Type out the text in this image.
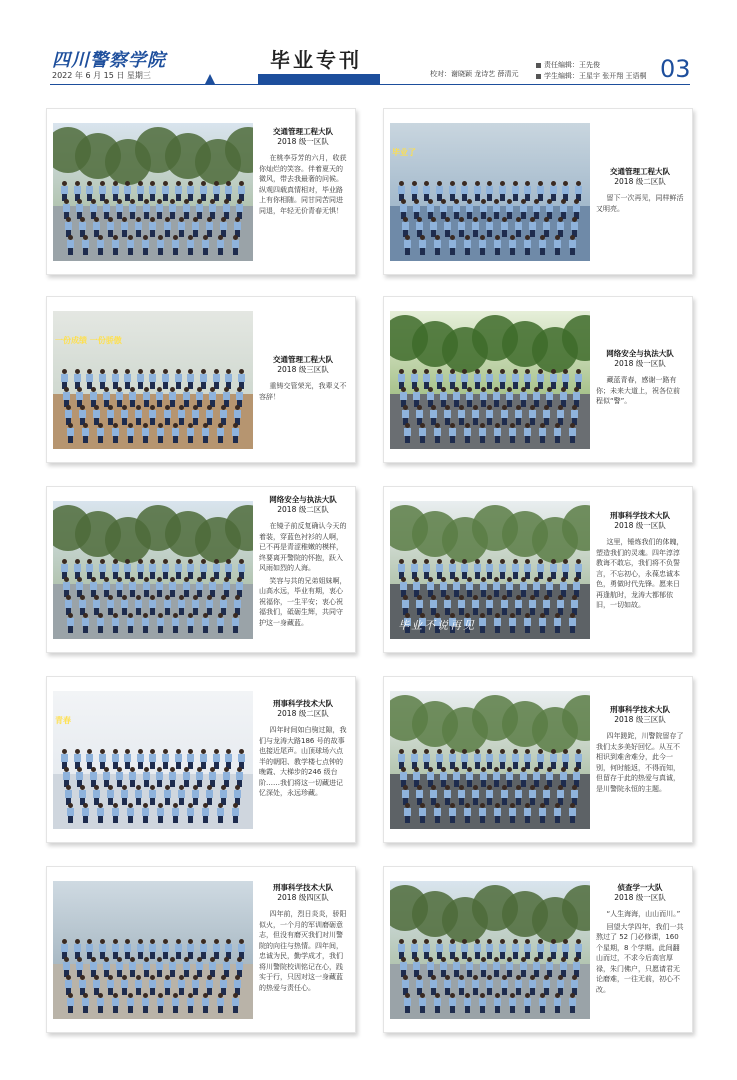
四川警察学院
2022 年 6 月 15 日 星期三
毕业专刊
校对：谢晓颖 龙诗艺 薛清元
责任编辑：王先俊
学生编辑：王星宇 张开翔 王语桐 03
交通管理工程大队
2018 级一区队

在桃李芬芳的六月，收获你灿烂的笑容。伴着夏天的微风，带去我最奢的问候。纵观四载真情相对，毕业路上有你相随。同甘同苦同进同退，年轻无价青春无惧！

毕业了
交通管理工程大队
2018 级二区队

留下一次再见，同样鲜活又明亮。

一份成绩 一份骄傲
交通管理工程大队
2018 级三区队

重铸交管荣光，我辈义不容辞！

网络安全与执法大队
2018 级一区队

藏蓝青春，感谢一路有你；未来大道上，祝各位前程似“警”。

网络安全与执法大队
2018 级二区队

在镜子前反复确认今天的着装，穿蓝色衬衫的人啊，已不再是青涩稚嫩的模样，终要离开警院的怀抱，跃入风雨如烈的人海。

笑容与共的兄弟姐妹啊，山高水远，毕业有期，衷心祝福你，一生平安；衷心祝福我们，砥砺生辉，共同守护这一身藏蓝。	毕业不说再见
刑事科学技术大队
2018 级一区队

这里，锤炼我们的体魄，塑造我们的灵魂。四年淳淳教诲不敢忘，我们将不负誓言，不忘初心，永葆忠诚本色，勇做时代先锋。愿来日再逢航时，龙涛大都郁依旧，一切如故。

青春
刑事科学技术大队
2018 级二区队

四年时间如白驹过隙，我们与龙涛大路186 号的故事也接近尾声。山顶球场六点半的朝阳、教学楼七点钟的晚霞、大梯步的246 级台阶……我们将这一切藏进记忆深处，永远珍藏。

刑事科学技术大队
2018 级三区队

四年蹉跎，川警院留存了我们太多美好回忆。从互不相识到难舍难分，此今一别，何时能返，不得而知，但留存于此的热爱与真诚，是川警院永恒的主题。

刑事科学技术大队
2018 级四区队

四年前，烈日炎炎，骄阳似火，一个月的军训磨砺意志，但没有磨灭我们对川警院的向往与热情。四年间，忠诚为民，勤学成才，我们将川警院校训铭记在心，践实于行，只因对这一身藏蓝的热爱与责任心。

侦查学一大队
2018 级一区队

“人生海海，山山而川。”

回望大学四年，我们一共熬过了 52 门必修课，160 个星期，8 个学期。此间翻山而过，不求今后高官厚禄，朱门佛户，只愿请君无论磨难，一往无前，初心不改。
